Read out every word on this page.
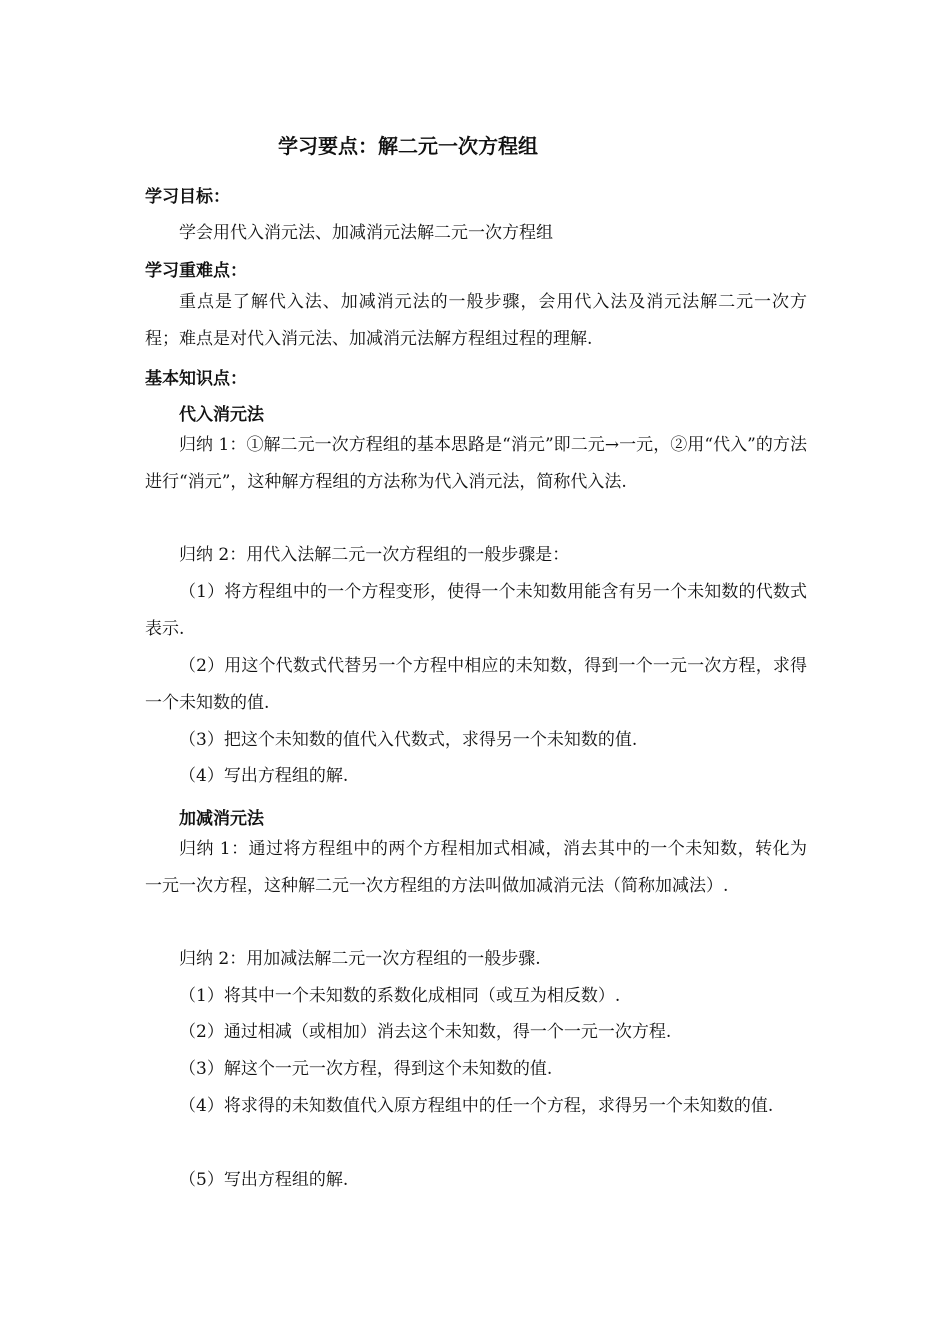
学习要点：解二元一次方程组
学习目标：
学会用代入消元法、加减消元法解二元一次方程组
学习重难点：
重点是了解代入法、加减消元法的一般步骤，会用代入法及消元法解二元一次方程；难点是对代入消元法、加减消元法解方程组过程的理解.
基本知识点：
代入消元法
归纳 1：①解二元一次方程组的基本思路是“消元”即二元→一元，②用“代入”的方法进行“消元”，这种解方程组的方法称为代入消元法，简称代入法.
归纳 2：用代入法解二元一次方程组的一般步骤是：
（1）将方程组中的一个方程变形，使得一个未知数用能含有另一个未知数的代数式表示.
（2）用这个代数式代替另一个方程中相应的未知数，得到一个一元一次方程，求得一个未知数的值.
（3）把这个未知数的值代入代数式，求得另一个未知数的值.
（4）写出方程组的解.
加减消元法
归纳 1：通过将方程组中的两个方程相加式相减，消去其中的一个未知数，转化为一元一次方程，这种解二元一次方程组的方法叫做加减消元法（简称加减法）.
归纳 2：用加减法解二元一次方程组的一般步骤.
（1）将其中一个未知数的系数化成相同（或互为相反数）.
（2）通过相减（或相加）消去这个未知数，得一个一元一次方程.
（3）解这个一元一次方程，得到这个未知数的值.
（4）将求得的未知数值代入原方程组中的任一个方程，求得另一个未知数的值.
（5）写出方程组的解.
